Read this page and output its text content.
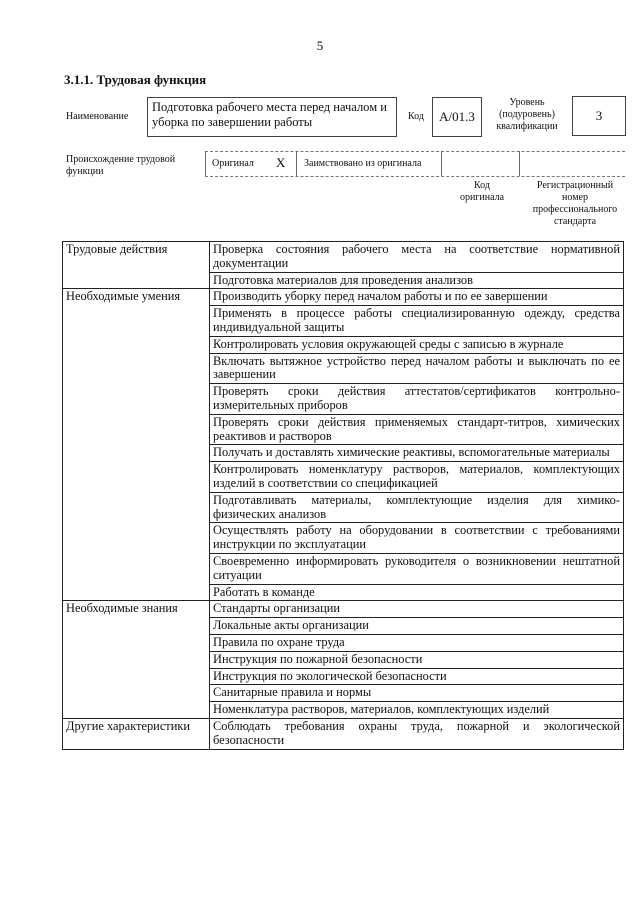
5
3.1.1. Трудовая функция
Наименование
Подготовка рабочего места перед началом и уборка по завершении работы	Код	А/01.3
Уровень (подуровень) квалификации
3
Происхождение трудовой функции
Оригинал X Заимствовано из оригинала
Код оригинала
Регистрационный номер профессионального стандарта
Трудовые действия	Проверка состояния рабочего места на соответствие нормативной документации
	Подготовка материалов для проведения анализов
Необходимые умения	Производить уборку перед началом работы и по ее завершении
	Применять в процессе работы специализированную одежду, средства индивидуальной защиты
	Контролировать условия окружающей среды с записью в журнале
	Включать вытяжное устройство перед началом работы и выключать по ее завершении
	Проверять сроки действия аттестатов/сертификатов контрольно-измерительных приборов
	Проверять сроки действия применяемых стандарт-титров, химических реактивов и растворов
	Получать и доставлять химические реактивы, вспомогательные материалы
	Контролировать номенклатуру растворов, материалов, комплектующих изделий в соответствии со спецификацией
	Подготавливать материалы, комплектующие изделия для химико-физических анализов
	Осуществлять работу на оборудовании в соответствии с требованиями инструкции по эксплуатации
	Своевременно информировать руководителя о возникновении нештатной ситуации
	Работать в команде
Необходимые знания	Стандарты организации
	Локальные акты организации
	Правила по охране труда
	Инструкция по пожарной безопасности
	Инструкция по экологической безопасности
	Санитарные правила и нормы
	Номенклатура растворов, материалов, комплектующих изделий
Другие характеристики	Соблюдать требования охраны труда, пожарной и экологической безопасности
